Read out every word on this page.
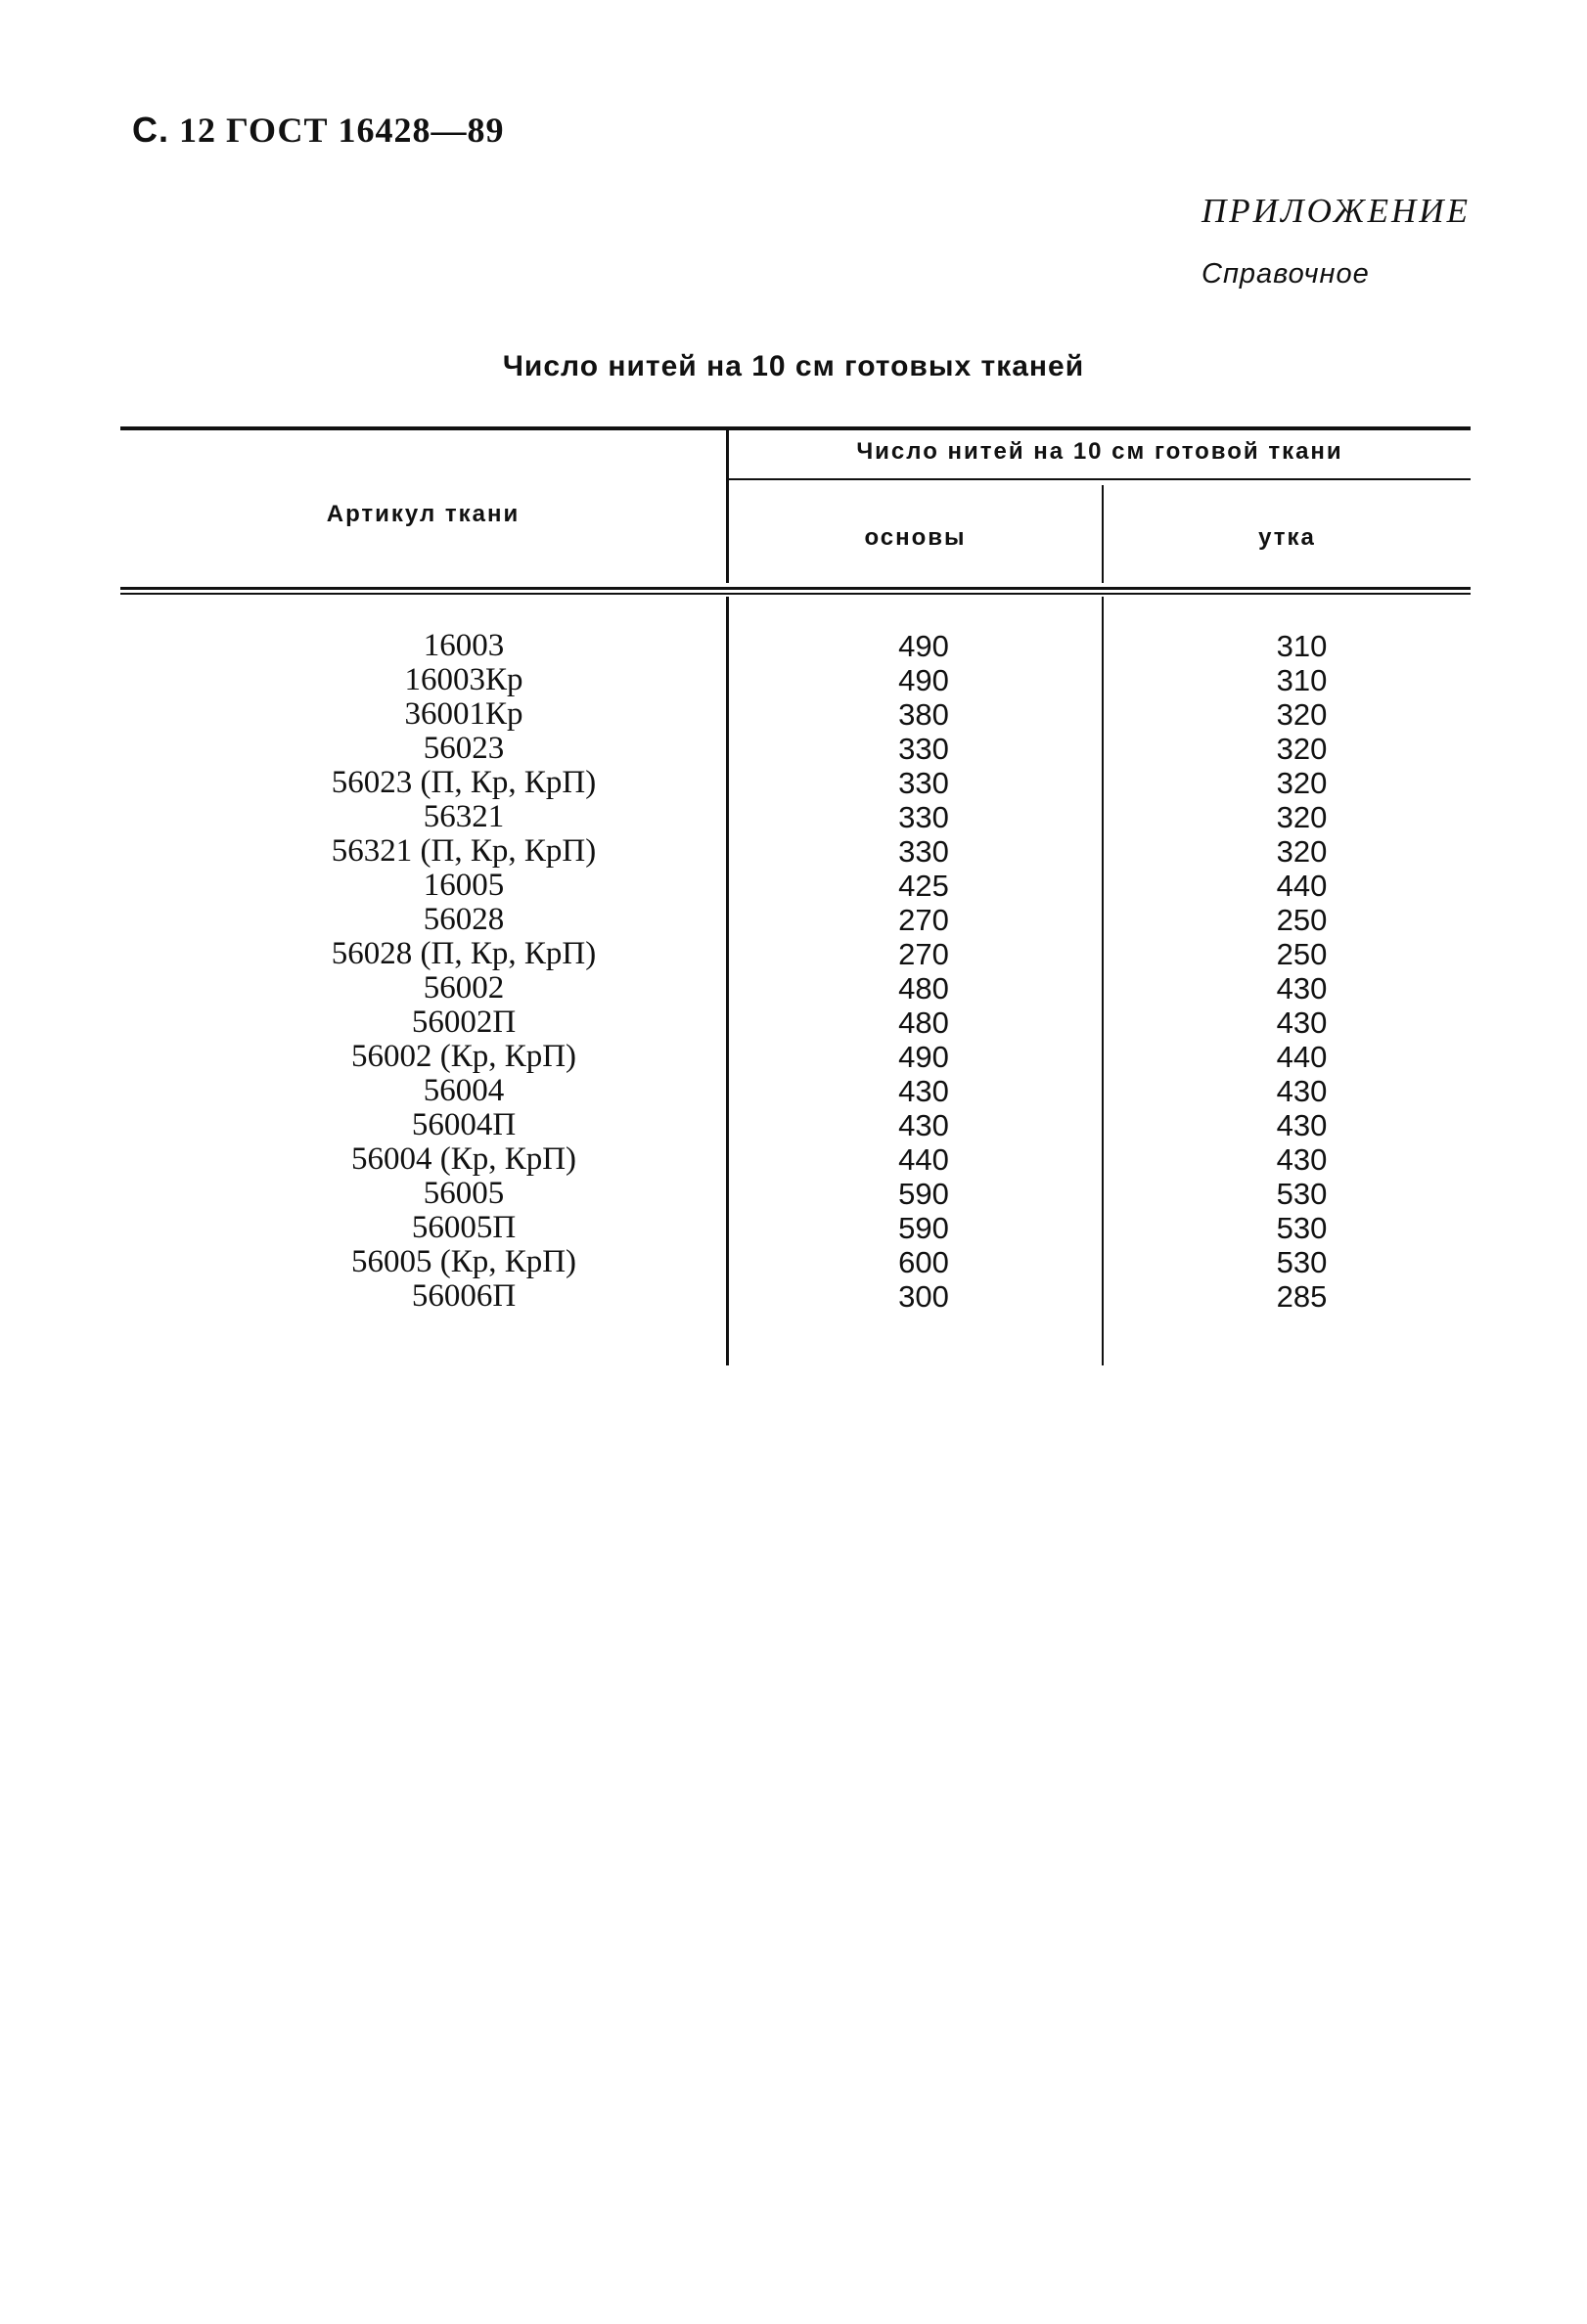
С. 12 ГОСТ 16428—89
ПРИЛОЖЕНИЕ
Справочное
Число нитей на 10 см готовых тканей
Артикул ткани
Число нитей на 10 см готовой ткани
основы	утка
16003	490	310
16003Кр	490	310
36001Кр	380	320
56023	330	320
56023 (П, Кр, КрП)	330	320
56321	330	320
56321 (П, Кр, КрП)	330	320
16005	425	440
56028	270	250
56028 (П, Кр, КрП)	270	250
56002	480	430
56002П	480	430
56002 (Кр, КрП)	490	440
56004	430	430
56004П	430	430
56004 (Кр, КрП)	440	430
56005	590	530
56005П	590	530
56005 (Кр, КрП)	600	530
56006П	300	285
